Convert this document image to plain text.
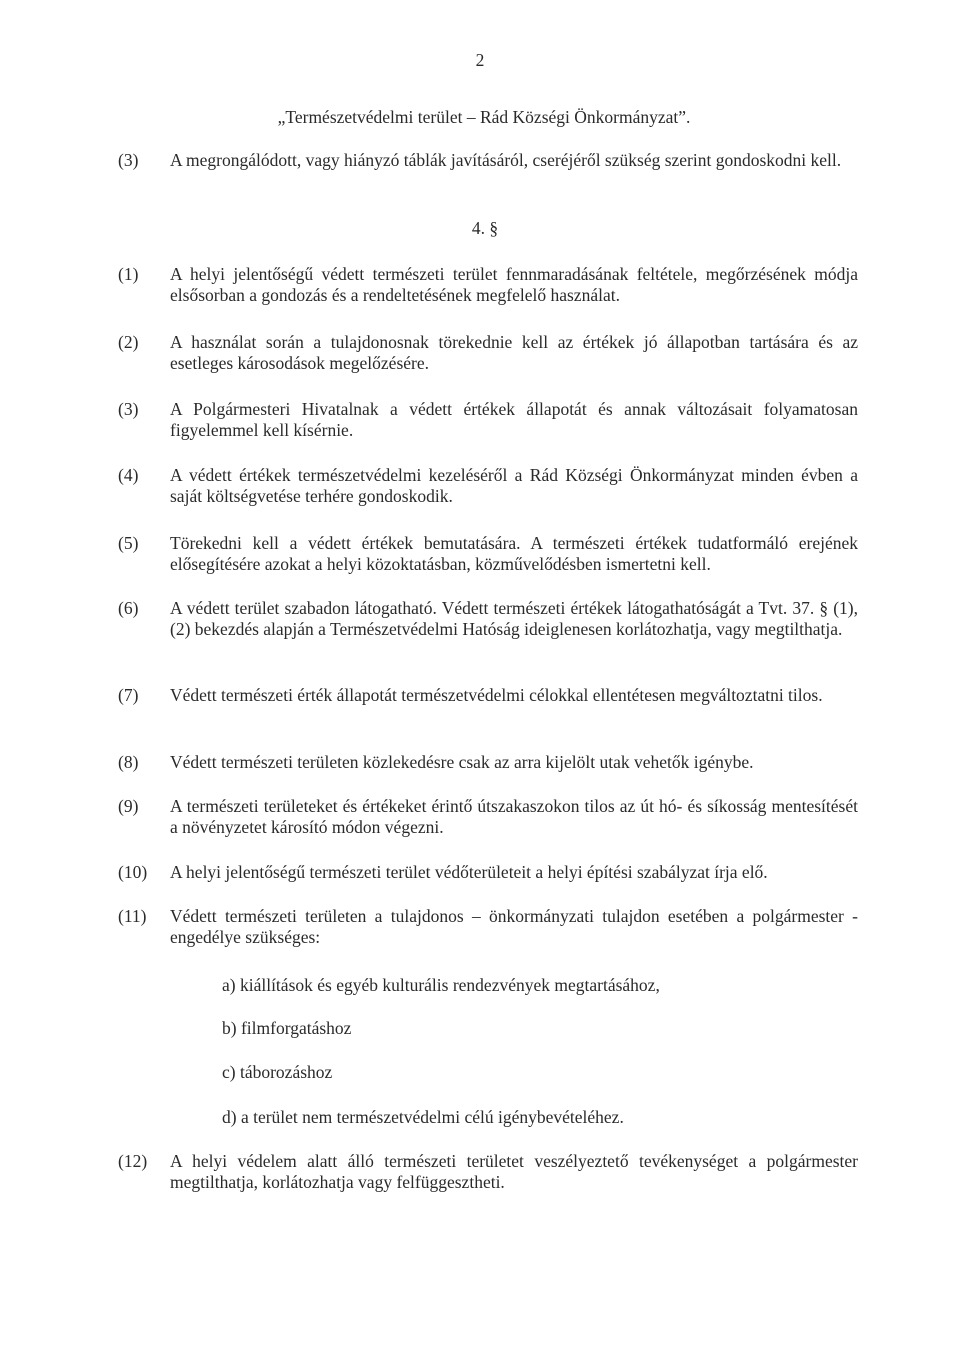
2
„Természetvédelmi terület – Rád Községi Önkormányzat”.
(3) A megrongálódott, vagy hiányzó táblák javításáról, cseréjéről szükség szerint gondoskodni kell.
4. §
(1) A helyi jelentőségű védett természeti terület fennmaradásának feltétele, megőrzésének módja elsősorban a gondozás és a rendeltetésének megfelelő használat.
(2) A használat során a tulajdonosnak törekednie kell az értékek jó állapotban tartására és az esetleges károsodások megelőzésére.
(3) A Polgármesteri Hivatalnak a védett értékek állapotát és annak változásait folyamatosan figyelemmel kell kísérnie.
(4) A védett értékek természetvédelmi kezeléséről a Rád Községi Önkormányzat minden évben a saját költségvetése terhére gondoskodik.
(5) Törekedni kell a védett értékek bemutatására. A természeti értékek tudatformáló erejének elősegítésére azokat a helyi közoktatásban, közművelődésben ismertetni kell.
(6) A védett terület szabadon látogatható. Védett természeti értékek látogathatóságát a Tvt. 37. § (1), (2) bekezdés alapján a Természetvédelmi Hatóság ideiglenesen korlátozhatja, vagy megtilthatja.
(7) Védett természeti érték állapotát természetvédelmi célokkal ellentétesen megváltoztatni tilos.
(8) Védett természeti területen közlekedésre csak az arra kijelölt utak vehetők igénybe.
(9) A természeti területeket és értékeket érintő útszakaszokon tilos az út hó- és síkosság mentesítését a növényzetet károsító módon végezni.
(10) A helyi jelentőségű természeti terület védőterületeit a helyi építési szabályzat írja elő.
(11) Védett természeti területen a tulajdonos – önkormányzati tulajdon esetében a polgármester - engedélye szükséges:
a) kiállítások és egyéb kulturális rendezvények megtartásához,
b) filmforgatáshoz
c) táborozáshoz
d) a terület nem természetvédelmi célú igénybevételéhez.
(12) A helyi védelem alatt álló természeti területet veszélyeztető tevékenységet a polgármester megtilthatja, korlátozhatja vagy felfüggesztheti.
